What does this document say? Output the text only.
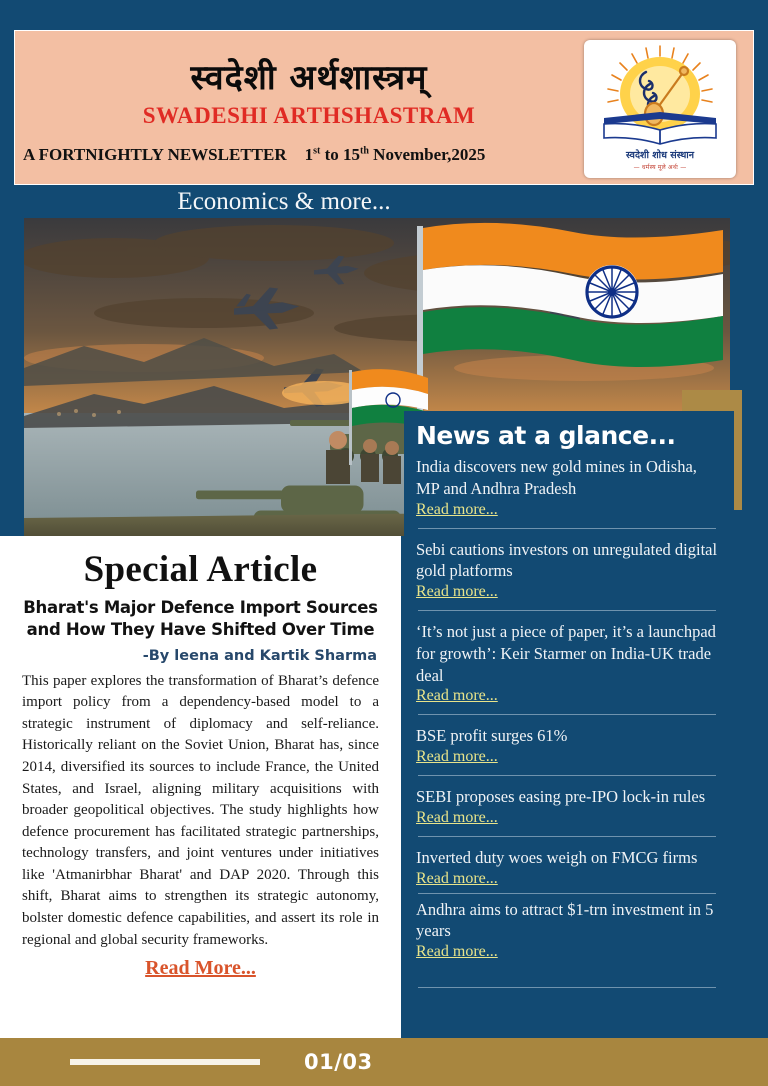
स्वदेशी अर्थशास्त्रम्
SWADESHI ARTHSHASTRAM
A FORTNIGHTLY NEWSLETTER 1st to 15th November,2025	स्वदेशी शोध संस्थान
— धर्मस्य मूले अर्थः —
Economics & more...
News at a glance...
India discovers new gold mines in Odisha, MP and Andhra Pradesh
Read more...
Sebi cautions investors on unregulated digital gold platforms
Read more...
‘It’s not just a piece of paper, it’s a launchpad for growth’: Keir Starmer on India-UK trade deal
Read more...
BSE profit surges 61%
Read more...
SEBI proposes easing pre-IPO lock-in rules
Read more...
Inverted duty woes weigh on FMCG firms
Read more...
Andhra aims to attract $1-trn investment in 5 years
Read more...
Special Article
Bharat's Major Defence Import Sources and How They Have Shifted Over Time
-By leena and Kartik Sharma
This paper explores the transformation of Bharat’s defence import policy from a dependency-based model to a strategic instrument of diplomacy and self-reliance. Historically reliant on the Soviet Union, Bharat has, since 2014, diversified its sources to include France, the United States, and Israel, aligning military acquisitions with broader geopolitical objectives. The study highlights how defence procurement has facilitated strategic partnerships, technology transfers, and joint ventures under initiatives like 'Atmanirbhar Bharat' and DAP 2020. Through this shift, Bharat aims to strengthen its strategic autonomy, bolster domestic defence capabilities, and assert its role in regional and global security frameworks.
Read More...
01/03
